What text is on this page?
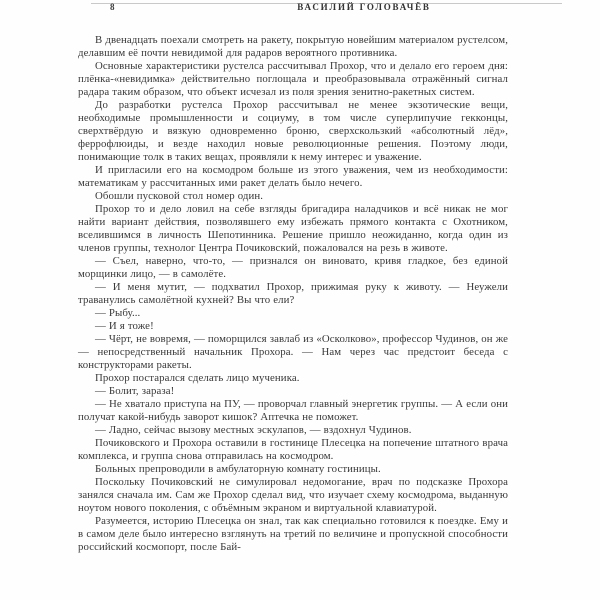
8	ВАСИЛИЙ ГОЛОВАЧЁВ

В двенадцать поехали смотреть на ракету, покрытую новейшим материалом рустелсом, делавшим её почти невидимой для радаров вероятного противника.

Основные характеристики рустелса рассчитывал Прохор, что и делало его героем дня: плёнка-«невидимка» действительно поглощала и преобразовывала отражённый сигнал радара таким образом, что объект исчезал из поля зрения зенитно-ракетных систем.

До разработки рустелса Прохор рассчитывал не менее экзотические вещи, необходимые промышленности и социуму, в том числе суперлипучие гекконцы, сверхтвёрдую и вязкую одновременно броню, сверхскользкий «абсолютный лёд», феррофлюиды, и везде находил новые революционные решения. Поэтому люди, понимающие толк в таких вещах, проявляли к нему интерес и уважение.

И пригласили его на космодром больше из этого уважения, чем из необходимости: математикам у рассчитанных ими ракет делать было нечего.

Обошли пусковой стол номер один.

Прохор то и дело ловил на себе взгляды бригадира наладчиков и всё никак не мог найти вариант действия, позволявшего ему избежать прямого контакта с Охотником, вселившимся в личность Шепотинника. Решение пришло неожиданно, когда один из членов группы, технолог Центра Почиковский, пожаловался на резь в животе.

— Съел, наверно, что-то, — признался он виновато, кривя гладкое, без единой морщинки лицо, — в самолёте.

— И меня мутит, — подхватил Прохор, прижимая руку к животу. — Неужели траванулись самолётной кухней? Вы что ели?

— Рыбу...

— И я тоже!

— Чёрт, не вовремя, — поморщился завлаб из «Осколково», профессор Чудинов, он же — непосредственный начальник Прохора. — Нам через час предстоит беседа с конструкторами ракеты.

Прохор постарался сделать лицо мученика.

— Болит, зараза!

— Не хватало приступа на ПУ, — проворчал главный энергетик группы. — А если они получат какой-нибудь заворот кишок? Аптечка не поможет.

— Ладно, сейчас вызову местных эскулапов, — вздохнул Чудинов.

Почиковского и Прохора оставили в гостинице Плесецка на попечение штатного врача комплекса, и группа снова отправилась на космодром.

Больных препроводили в амбулаторную комнату гостиницы.

Поскольку Почиковский не симулировал недомогание, врач по подсказке Прохора занялся сначала им. Сам же Прохор сделал вид, что изучает схему космодрома, выданную ноутом нового поколения, с объёмным экраном и виртуальной клавиатурой.

Разумеется, историю Плесецка он знал, так как специально готовился к поездке. Ему и в самом деле было интересно взглянуть на третий по величине и пропускной способности российский космопорт, после Бай-
